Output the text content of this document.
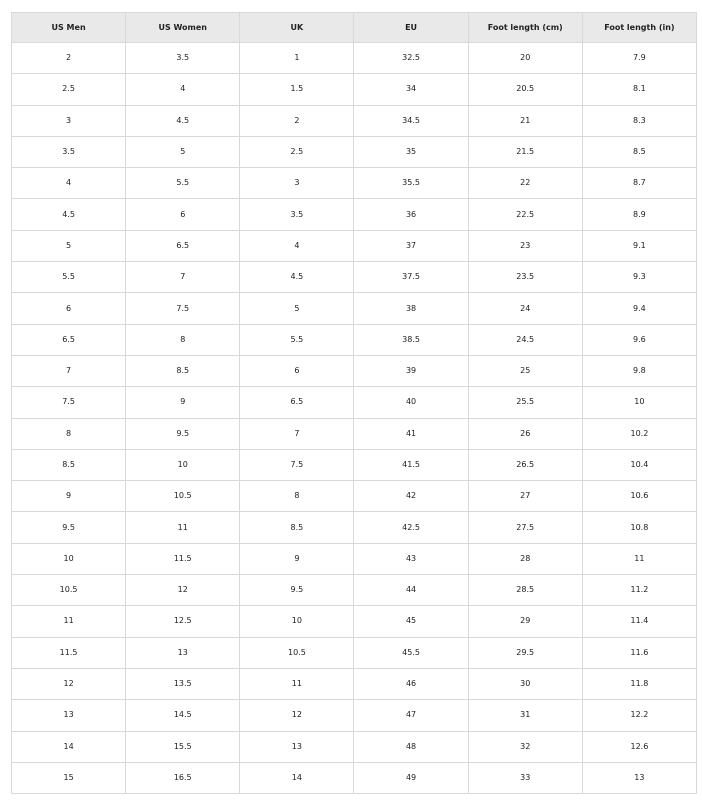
US Men	US Women	UK	EU	Foot length (cm)	Foot length (in)
2	3.5	1	32.5	20	7.9
2.5	4	1.5	34	20.5	8.1
3	4.5	2	34.5	21	8.3
3.5	5	2.5	35	21.5	8.5
4	5.5	3	35.5	22	8.7
4.5	6	3.5	36	22.5	8.9
5	6.5	4	37	23	9.1
5.5	7	4.5	37.5	23.5	9.3
6	7.5	5	38	24	9.4
6.5	8	5.5	38.5	24.5	9.6
7	8.5	6	39	25	9.8
7.5	9	6.5	40	25.5	10
8	9.5	7	41	26	10.2
8.5	10	7.5	41.5	26.5	10.4
9	10.5	8	42	27	10.6
9.5	11	8.5	42.5	27.5	10.8
10	11.5	9	43	28	11
10.5	12	9.5	44	28.5	11.2
11	12.5	10	45	29	11.4
11.5	13	10.5	45.5	29.5	11.6
12	13.5	11	46	30	11.8
13	14.5	12	47	31	12.2
14	15.5	13	48	32	12.6
15	16.5	14	49	33	13
